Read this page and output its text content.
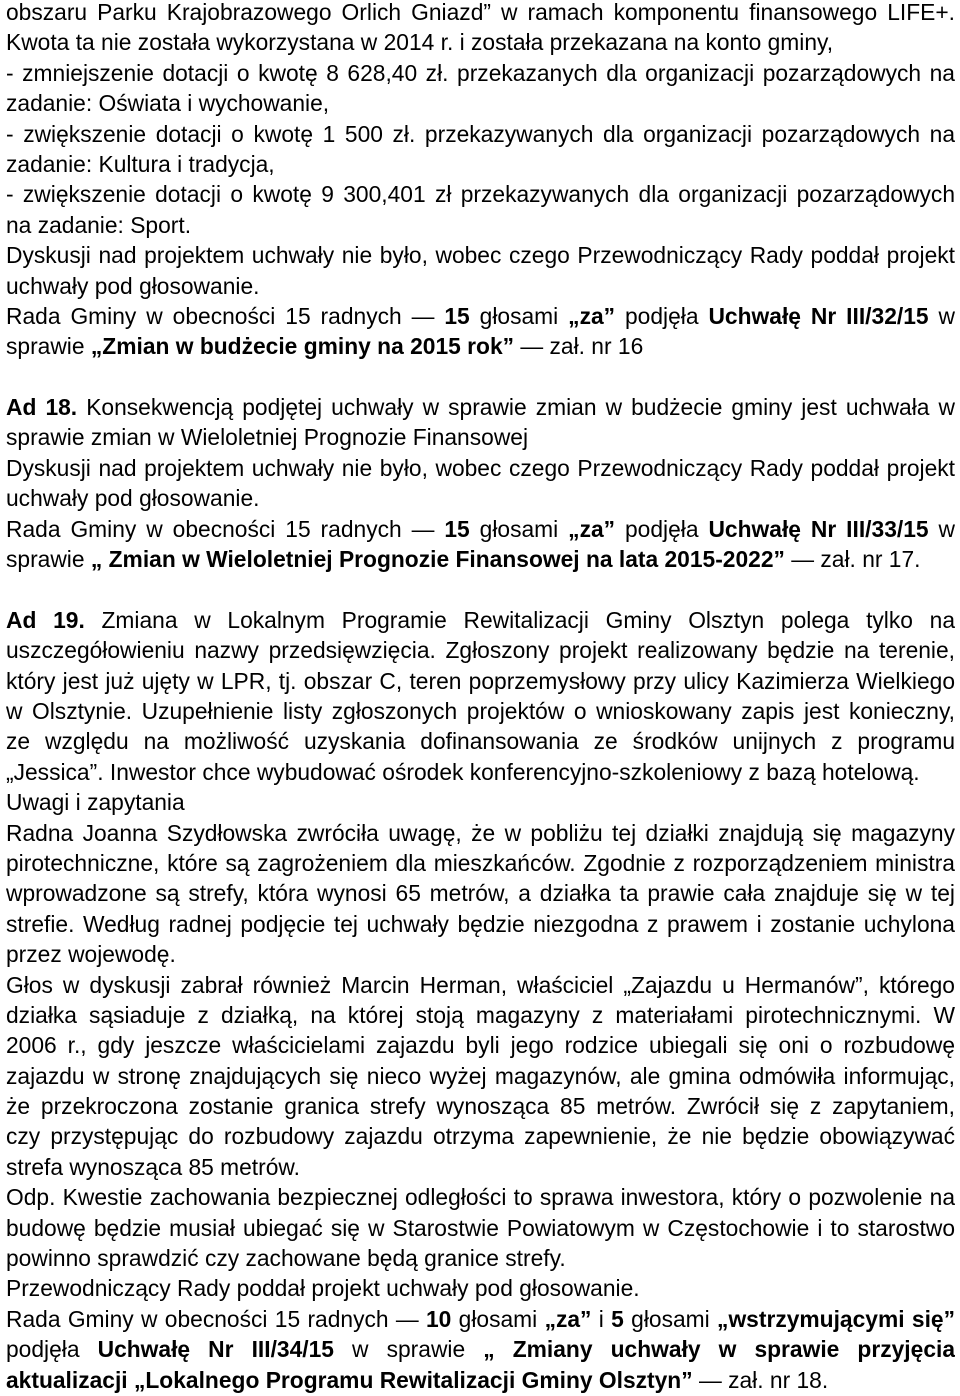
obszaru Parku Krajobrazowego Orlich Gniazd” w ramach komponentu finansowego LIFE+.
Kwota ta nie została wykorzystana w 2014 r. i została przekazana na konto gminy,
- zmniejszenie dotacji o kwotę 8 628,40 zł. przekazanych dla organizacji pozarządowych na
zadanie: Oświata i wychowanie,
- zwiększenie dotacji o kwotę 1 500 zł. przekazywanych dla organizacji pozarządowych na
zadanie: Kultura i tradycja,
- zwiększenie dotacji o kwotę 9 300,401 zł przekazywanych dla organizacji pozarządowych
na zadanie: Sport.
Dyskusji nad projektem uchwały nie było, wobec czego Przewodniczący Rady poddał projekt
uchwały pod głosowanie.
Rada Gminy w obecności 15 radnych — 15 głosami „za” podjęła Uchwałę Nr III/32/15 w
sprawie „Zmian w budżecie gminy na 2015 rok” — zał. nr 16
Ad 18. Konsekwencją podjętej uchwały w sprawie zmian w budżecie gminy jest uchwała w
sprawie zmian w Wieloletniej Prognozie Finansowej
Dyskusji nad projektem uchwały nie było, wobec czego Przewodniczący Rady poddał projekt
uchwały pod głosowanie.
Rada Gminy w obecności 15 radnych — 15 głosami „za” podjęła Uchwałę Nr III/33/15 w
sprawie „ Zmian w Wieloletniej Prognozie Finansowej na lata 2015-2022” — zał. nr 17.
Ad 19. Zmiana w Lokalnym Programie Rewitalizacji Gminy Olsztyn polega tylko na
uszczegółowieniu nazwy przedsięwzięcia. Zgłoszony projekt realizowany będzie na terenie,
który jest już ujęty w LPR, tj. obszar C, teren poprzemysłowy przy ulicy Kazimierza Wielkiego
w Olsztynie. Uzupełnienie listy zgłoszonych projektów o wnioskowany zapis jest konieczny,
ze względu na możliwość uzyskania dofinansowania ze środków unijnych z programu
„Jessica”. Inwestor chce wybudować ośrodek konferencyjno-szkoleniowy z bazą hotelową.
Uwagi i zapytania
Radna Joanna Szydłowska zwróciła uwagę, że w pobliżu tej działki znajdują się magazyny
pirotechniczne, które są zagrożeniem dla mieszkańców. Zgodnie z rozporządzeniem ministra
wprowadzone są strefy, która wynosi 65 metrów, a działka ta prawie cała znajduje się w tej
strefie. Według radnej podjęcie tej uchwały będzie niezgodna z prawem i zostanie uchylona
przez wojewodę.
Głos w dyskusji zabrał również Marcin Herman, właściciel „Zajazdu u Hermanów”, którego
działka sąsiaduje z działką, na której stoją magazyny z materiałami pirotechnicznymi. W
2006 r., gdy jeszcze właścicielami zajazdu byli jego rodzice ubiegali się oni o rozbudowę
zajazdu w stronę znajdujących się nieco wyżej magazynów, ale gmina odmówiła informując,
że przekroczona zostanie granica strefy wynosząca 85 metrów. Zwrócił się z zapytaniem,
czy przystępując do rozbudowy zajazdu otrzyma zapewnienie, że nie będzie obowiązywać
strefa wynosząca 85 metrów.
Odp. Kwestie zachowania bezpiecznej odległości to sprawa inwestora, który o pozwolenie na
budowę będzie musiał ubiegać się w Starostwie Powiatowym w Częstochowie i to starostwo
powinno sprawdzić czy zachowane będą granice strefy.
Przewodniczący Rady poddał projekt uchwały pod głosowanie.
Rada Gminy w obecności 15 radnych — 10 głosami „za” i 5 głosami „wstrzymującymi się”
podjęła Uchwałę Nr III/34/15 w sprawie „ Zmiany uchwały w sprawie przyjęcia
aktualizacji „Lokalnego Programu Rewitalizacji Gminy Olsztyn” — zał. nr 18.
